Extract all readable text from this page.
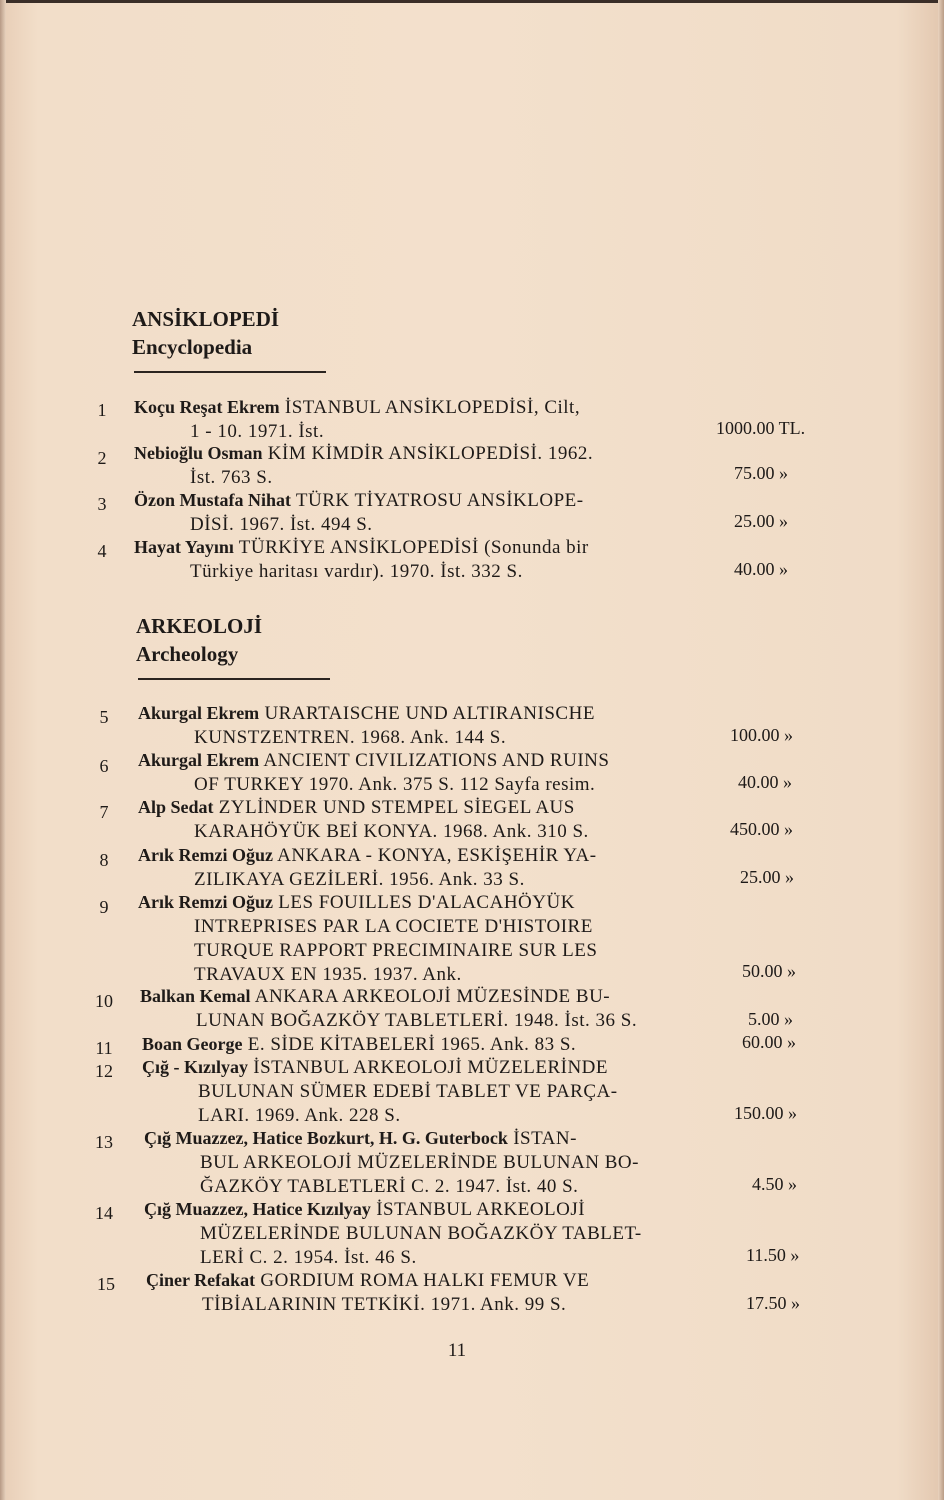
ANSİKLOPEDİ
Encyclopedia
1	Koçu Reşat Ekrem İSTANBUL ANSİKLOPEDİSİ, Cilt,
1 - 10. 1971. İst.	1000.00 TL.
2	Nebioğlu Osman KİM KİMDİR ANSİKLOPEDİSİ. 1962.
İst. 763 S.	75.00 »
3	Özon Mustafa Nihat TÜRK TİYATROSU ANSİKLOPE-
DİSİ. 1967. İst. 494 S.	25.00 »
4	Hayat Yayını TÜRKİYE ANSİKLOPEDİSİ (Sonunda bir
Türkiye haritası vardır). 1970. İst. 332 S.	40.00 »
ARKEOLOJİ
Archeology
5	Akurgal Ekrem URARTAISCHE UND ALTIRANISCHE
KUNSTZENTREN. 1968. Ank. 144 S.	100.00 »
6	Akurgal Ekrem ANCIENT CIVILIZATIONS AND RUINS
OF TURKEY 1970. Ank. 375 S. 112 Sayfa resim.	40.00 »
7	Alp Sedat ZYLİNDER UND STEMPEL SİEGEL AUS
KARAHÖYÜK BEİ KONYA. 1968. Ank. 310 S.	450.00 »
8	Arık Remzi Oğuz ANKARA - KONYA, ESKİŞEHİR YA-
ZILIKAYA GEZİLERİ. 1956. Ank. 33 S.	25.00 »
9	Arık Remzi Oğuz LES FOUILLES D'ALACAHÖYÜK
INTREPRISES PAR LA COCIETE D'HISTOIRE
TURQUE RAPPORT PRECIMINAIRE SUR LES
TRAVAUX EN 1935. 1937. Ank.	50.00 »
10	Balkan Kemal ANKARA ARKEOLOJİ MÜZESİNDE BU-
LUNAN BOĞAZKÖY TABLETLERİ. 1948. İst. 36 S.	5.00 »
11	Boan George E. SİDE KİTABELERİ 1965. Ank. 83 S.	60.00 »
12	Çığ - Kızılyay İSTANBUL ARKEOLOJİ MÜZELERİNDE
BULUNAN SÜMER EDEBİ TABLET VE PARÇA-
LARI. 1969. Ank. 228 S.	150.00 »
13	Çığ Muazzez, Hatice Bozkurt, H. G. Guterbock İSTAN-
BUL ARKEOLOJİ MÜZELERİNDE BULUNAN BO-
ĞAZKÖY TABLETLERİ C. 2. 1947. İst. 40 S.	4.50 »
14	Çığ Muazzez, Hatice Kızılyay İSTANBUL ARKEOLOJİ
MÜZELERİNDE BULUNAN BOĞAZKÖY TABLET-
LERİ C. 2. 1954. İst. 46 S.	11.50 »
15	Çiner Refakat GORDIUM ROMA HALKI FEMUR VE
TİBİALARININ TETKİKİ. 1971. Ank. 99 S.	17.50 »
11
